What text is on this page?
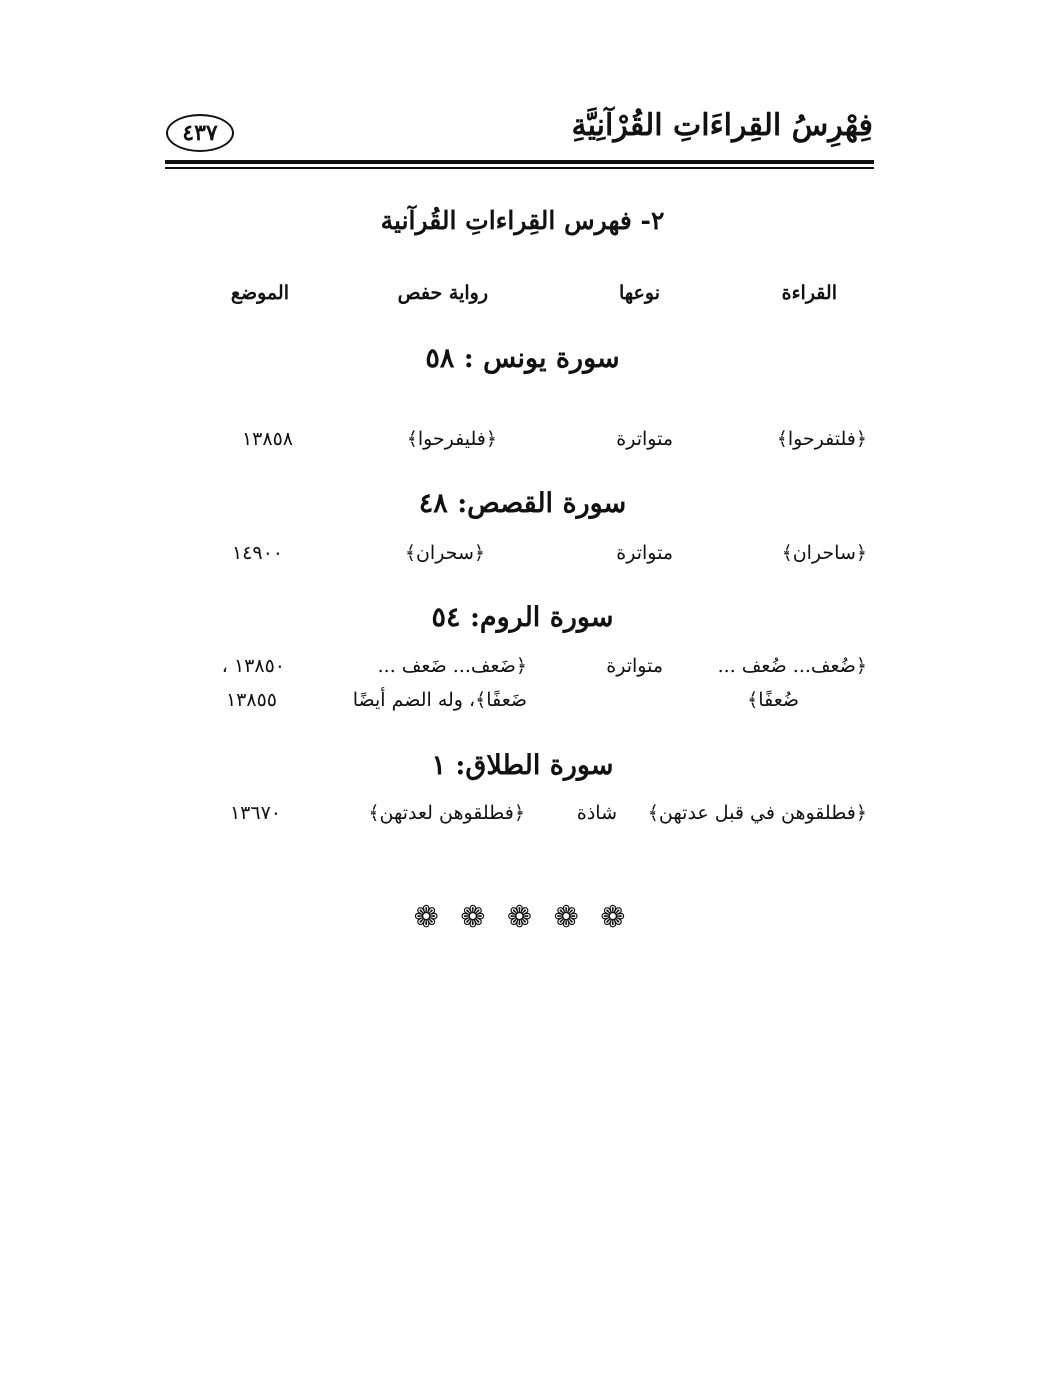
فِهْرِسُ القِراءَاتِ القُرْآنِيَّةِ
٤٣٧
٢- فهرس القِراءاتِ القُرآنية
القراءة
نوعها
رواية حفص
الموضع
سورة يونس : ٥٨
﴿فلتفرحوا﴾
متواترة
﴿فليفرحوا﴾
١٣٨٥٨
سورة القصص: ٤٨
﴿ساحران﴾
متواترة
﴿سحران﴾
١٤٩٠٠
سورة الروم: ٥٤
﴿ضُعف... ضُعف ...
متواترة
﴿ضَعف... ضَعف ...
١٣٨٥٠ ،
ضُعفًا﴾
ضَعفًا﴾، وله الضم أيضًا
١٣٨٥٥
سورة الطلاق: ١
﴿فطلقوهن في قبل عدتهن﴾
شاذة
﴿فطلقوهن لعدتهن﴾
١٣٦٧٠
❁ ❁ ❁ ❁ ❁
